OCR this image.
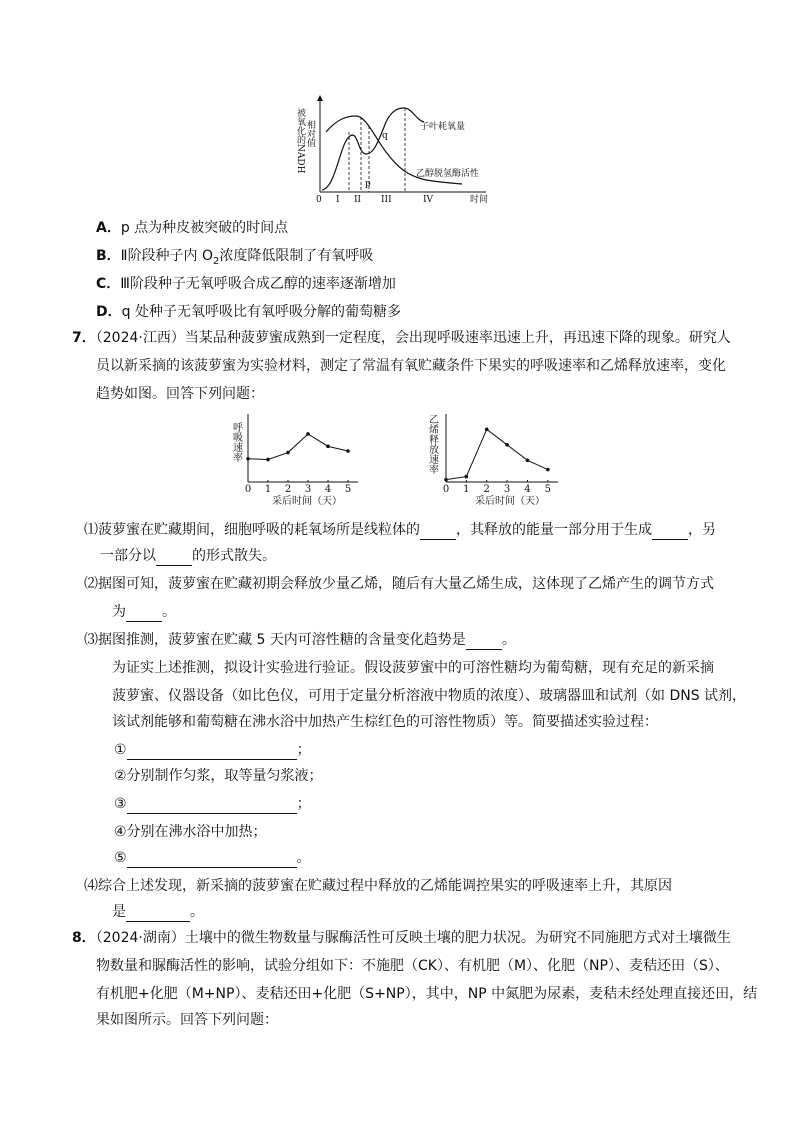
被氧化的NADH 相对值	子叶耗氧量
乙醇脱氢酶活性
q
p
0 I II III	IV	时间
A．p 点为种皮被突破的时间点
B．Ⅱ阶段种子内 $O_2$浓度降低限制了有氧呼吸
C．Ⅲ阶段种子无氧呼吸合成乙醇的速率逐渐增加
D．q 处种子无氧呼吸比有氧呼吸分解的葡萄糖多
7．（2024·江西）当某品种菠萝蜜成熟到一定程度，会出现呼吸速率迅速上升，再迅速下降的现象。研究人
员以新采摘的该菠萝蜜为实验材料，测定了常温有氧贮藏条件下果实的呼吸速率和乙烯释放速率，变化
趋势如图。回答下列问题：
呼吸速率
0 1 2 3 4 5
采后时间（天）
乙烯释放速率
0 1 2 3 4 5
采后时间（天）
⑴菠萝蜜在贮藏期间，细胞呼吸的耗氧场所是线粒体的	，其释放的能量一部分用于生成	，另
一部分以	的形式散失。
⑵据图可知，菠萝蜜在贮藏初期会释放少量乙烯，随后有大量乙烯生成，这体现了乙烯产生的调节方式
为	。
⑶据图推测，菠萝蜜在贮藏 5 天内可溶性糖的含量变化趋势是	。
为证实上述推测，拟设计实验进行验证。假设菠萝蜜中的可溶性糖均为葡萄糖，现有充足的新采摘
菠萝蜜、仪器设备（如比色仪，可用于定量分析溶液中物质的浓度）、玻璃器皿和试剂（如 DNS 试剂，
该试剂能够和葡萄糖在沸水浴中加热产生棕红色的可溶性物质）等。简要描述实验过程：
①	；
②分别制作匀浆，取等量匀浆液；
③	；
④分别在沸水浴中加热；
⑤	。
⑷综合上述发现，新采摘的菠萝蜜在贮藏过程中释放的乙烯能调控果实的呼吸速率上升，其原因
是	。
8．（2024·湖南）土壤中的微生物数量与脲酶活性可反映土壤的肥力状况。为研究不同施肥方式对土壤微生
物数量和脲酶活性的影响，试验分组如下：不施肥（CK）、有机肥（M）、化肥（NP）、麦秸还田（S）、
有机肥+化肥（M+NP）、麦秸还田+化肥（S+NP），其中，NP 中氮肥为尿素，麦秸未经处理直接还田，结
果如图所示。回答下列问题：
